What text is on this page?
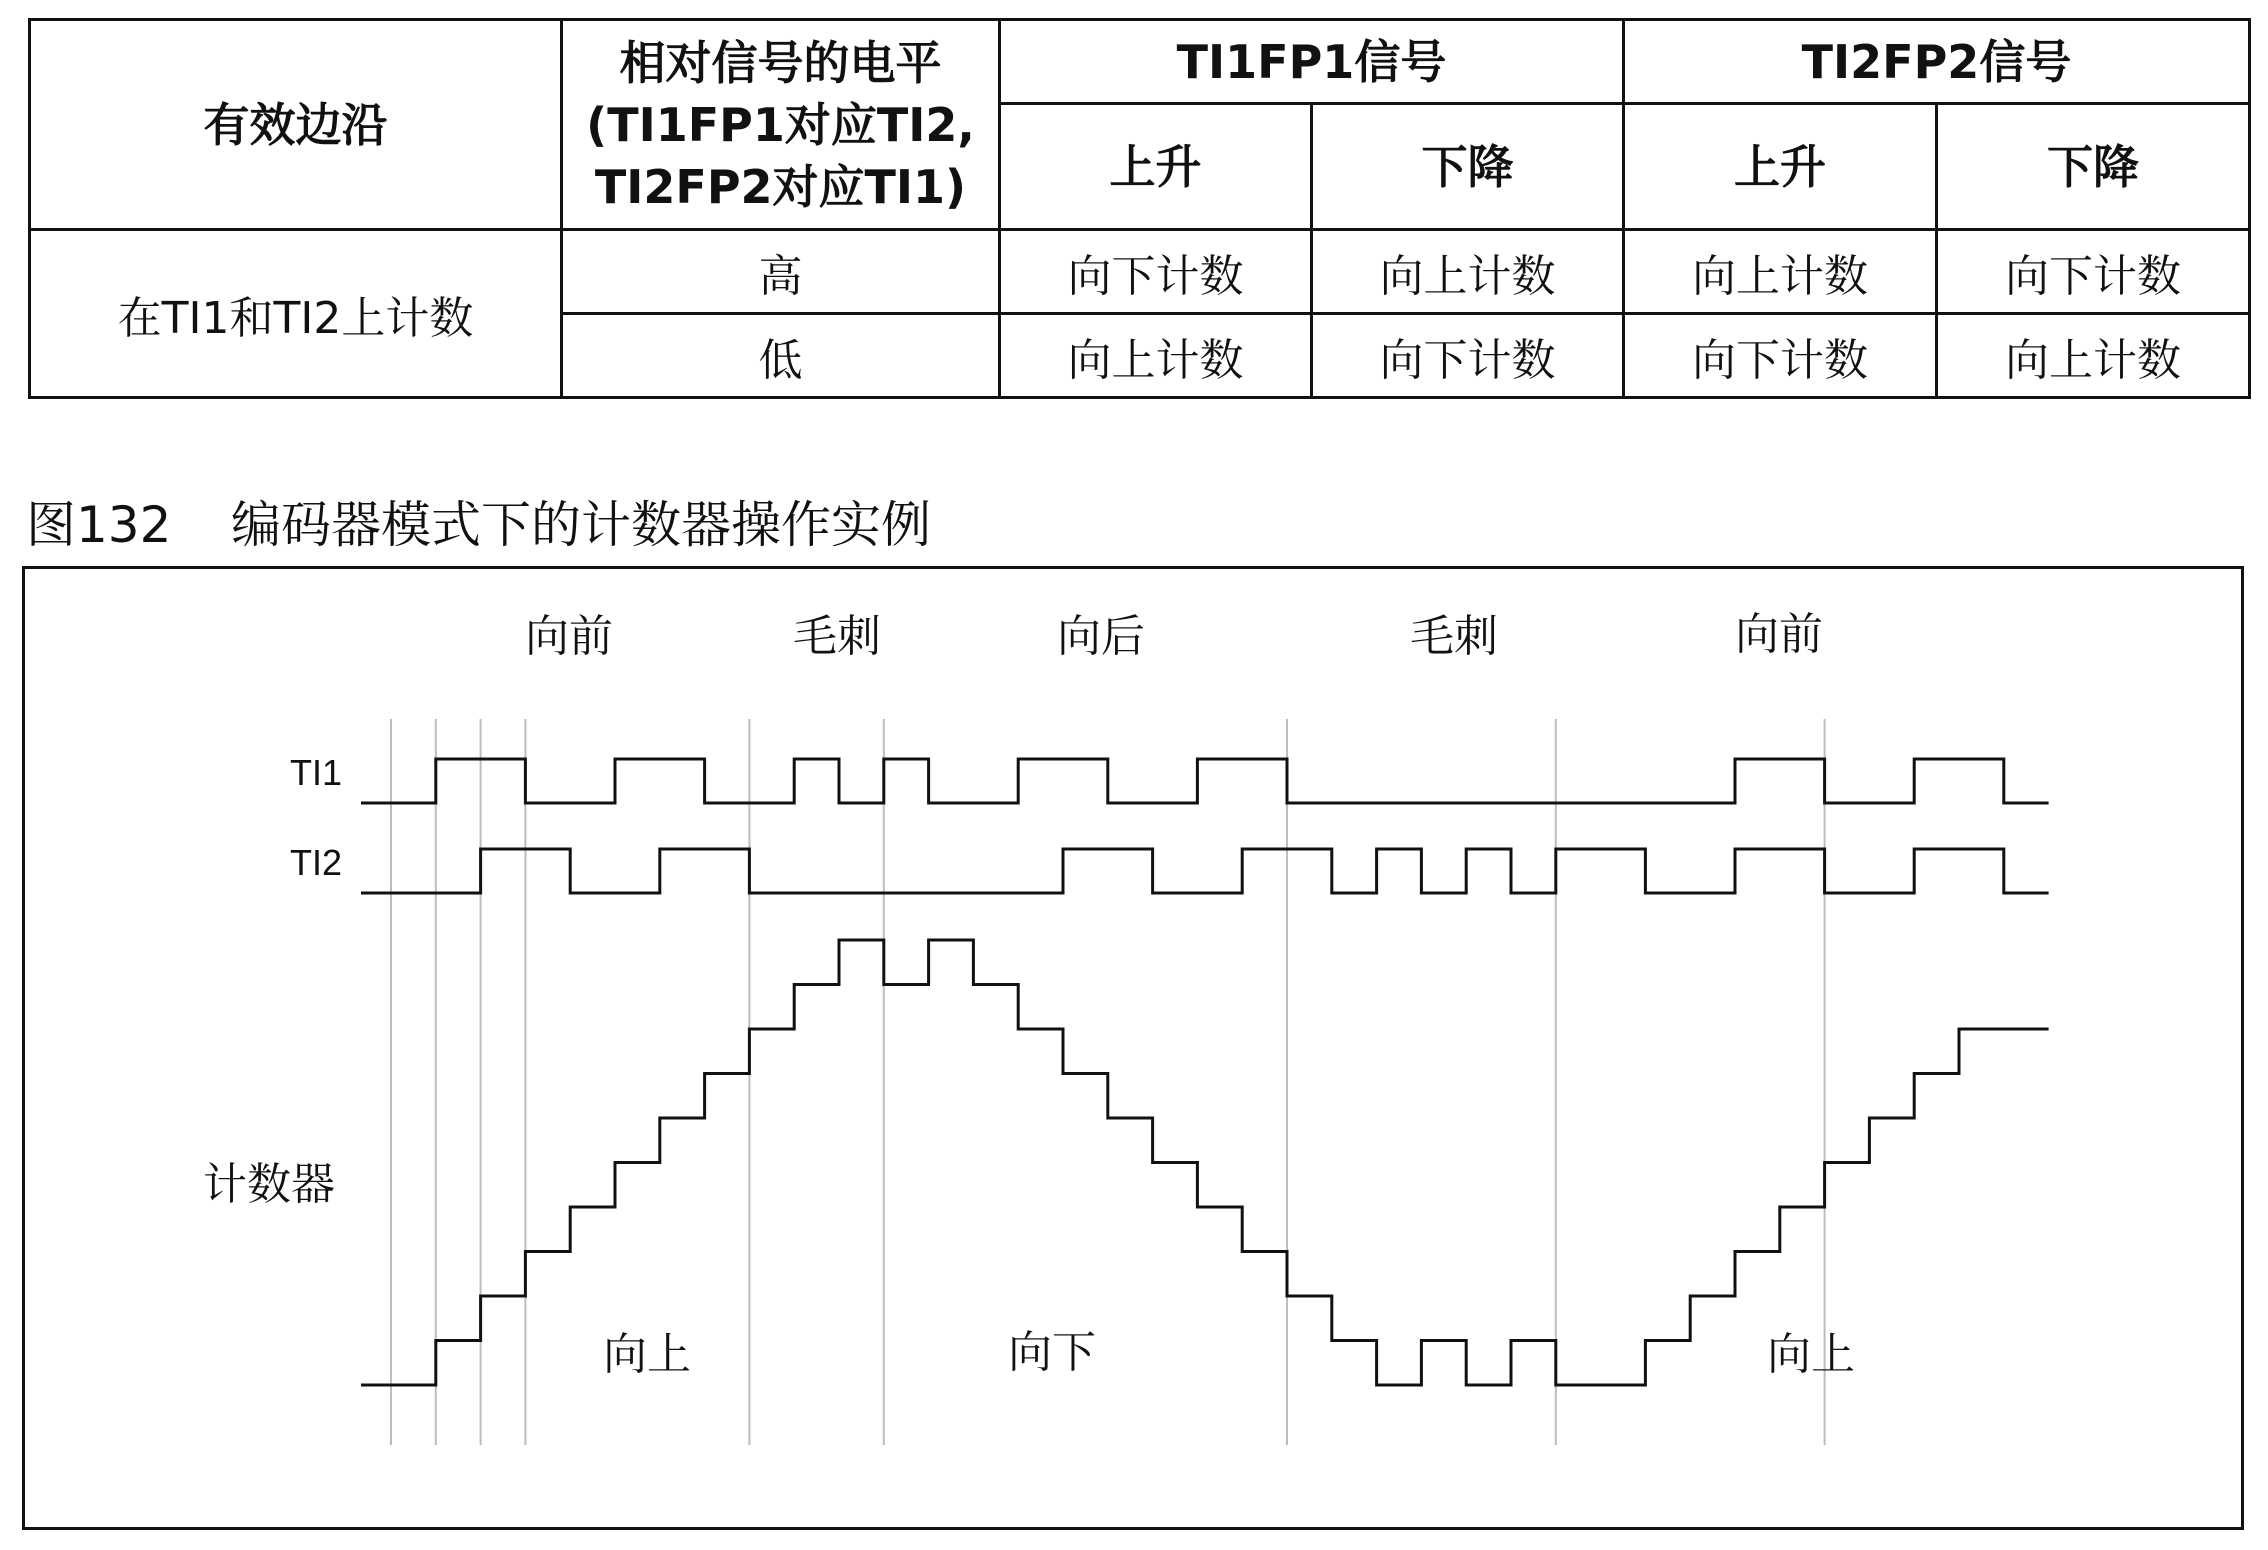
有效边沿	相对信号的电平
(TI1FP1对应TI2,
TI2FP2对应TI1)	TI1FP1信号		TI2FP2信号	
		上升	下降	上升	下降
在TI1和TI2上计数	高	向下计数	向上计数	向上计数	向下计数
	低	向上计数	向下计数	向下计数	向上计数
图132 编码器模式下的计数器操作实例
向前	毛刺	向后	毛刺	向前
TI1
TI2
计数器
向上	向下	向上
